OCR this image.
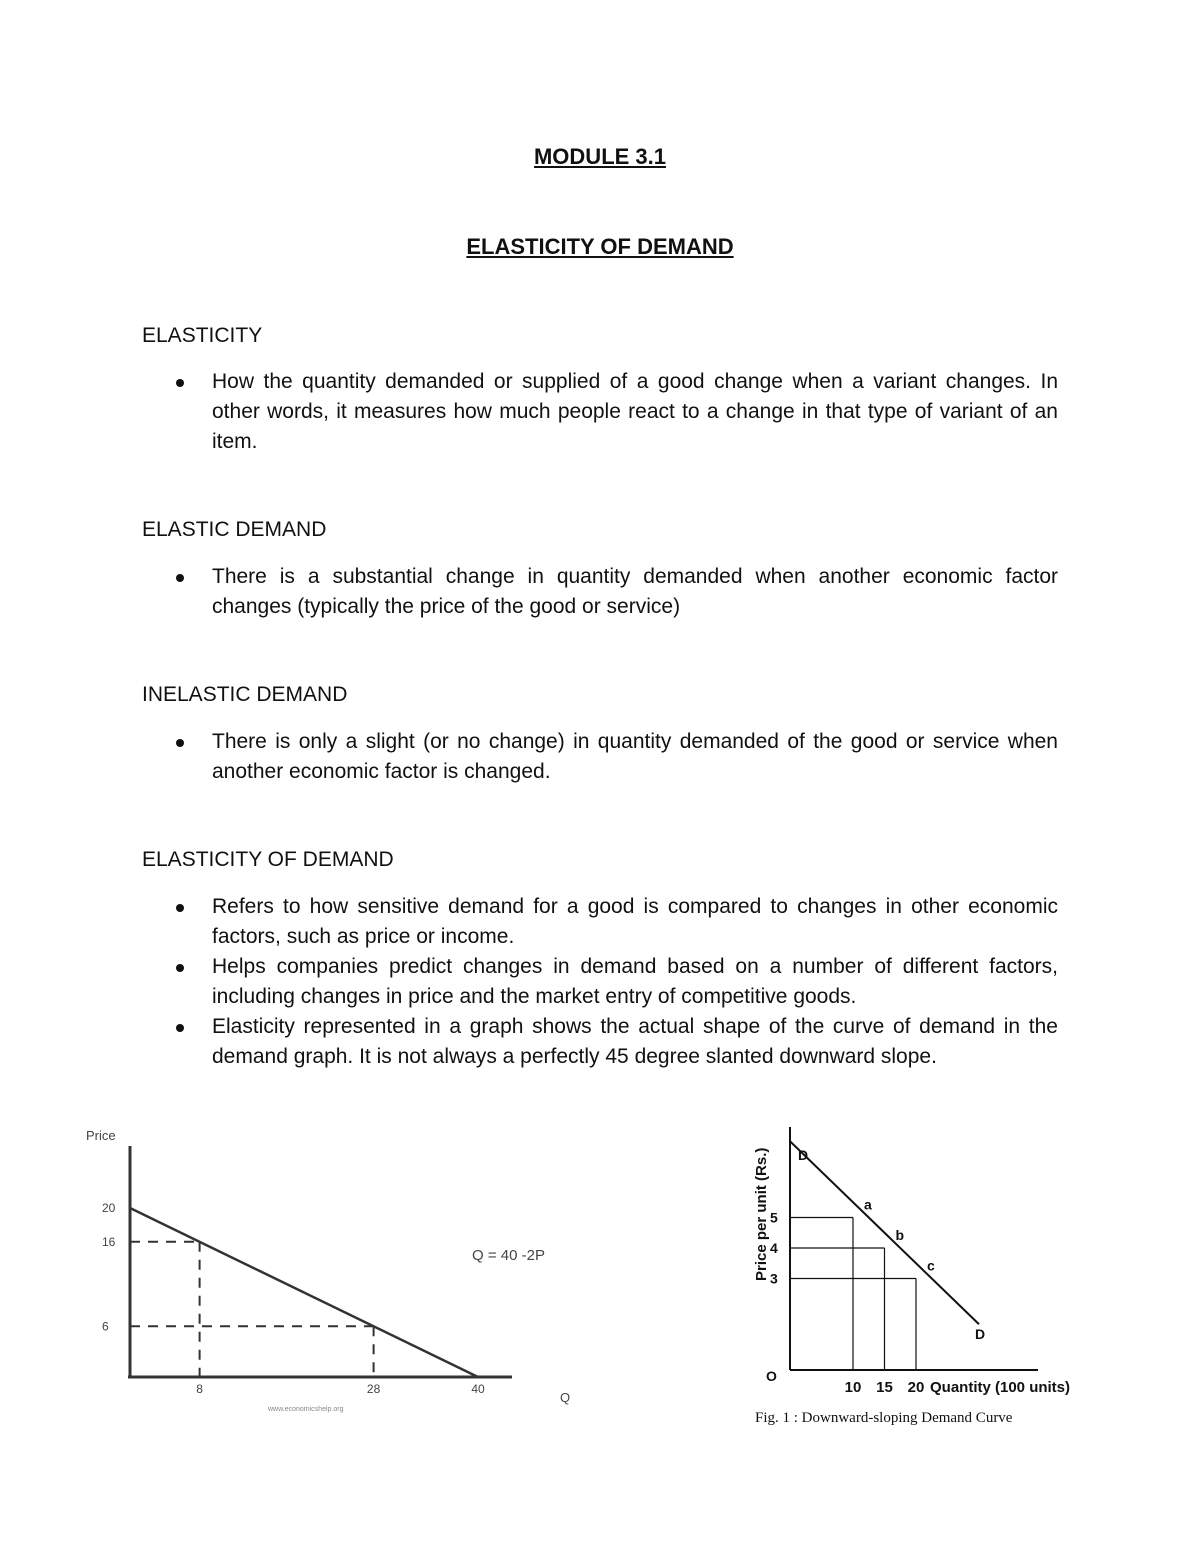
MODULE 3.1
ELASTICITY OF DEMAND
ELASTICITY
How the quantity demanded or supplied of a good change when a variant changes. In other words, it measures how much people react to a change in that type of variant of an item.
ELASTIC DEMAND
There is a substantial change in quantity demanded when another economic factor changes (typically the price of the good or service)
INELASTIC DEMAND
There is only a slight (or no change) in quantity demanded of the good or service when another economic factor is changed.
ELASTICITY OF DEMAND
Refers to how sensitive demand for a good is compared to changes in other economic factors, such as price or income.
Helps companies predict changes in demand based on a number of different factors, including changes in price and the market entry of competitive goods.
Elasticity represented in a graph shows the actual shape of the curve of demand in the demand graph. It is not always a perfectly 45 degree slanted downward slope.
Price
20
16
6
8	28	40
Q = 40 -2P
Q
www.economicshelp.org
Price per unit (Rs.) D
D
a
b
c
5
4
3
10 15 20
O
Quantity (100 units)
Fig. 1 : Downward-sloping Demand Curve
